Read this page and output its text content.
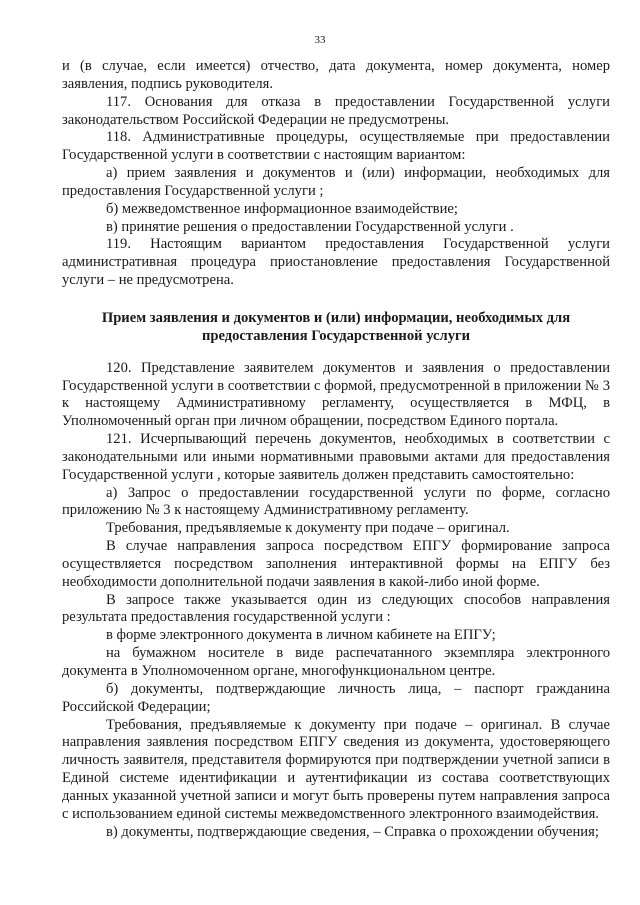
33

и (в случае, если имеется) отчество, дата документа, номер документа, номер заявления, подпись руководителя.

117. Основания для отказа в предоставлении Государственной услуги законодательством Российской Федерации не предусмотрены.

118. Административные процедуры, осуществляемые при предоставлении Государственной услуги в соответствии с настоящим вариантом:

а) прием заявления и документов и (или) информации, необходимых для предоставления Государственной услуги ;

б) межведомственное информационное взаимодействие;

в) принятие решения о предоставлении Государственной услуги .

119. Настоящим вариантом предоставления Государственной услуги административная процедура приостановление предоставления Государственной услуги – не предусмотрена.

Прием заявления и документов и (или) информации, необходимых для предоставления Государственной услуги

120. Представление заявителем документов и заявления о предоставлении Государственной услуги в соответствии с формой, предусмотренной в приложении № 3 к настоящему Административному регламенту, осуществляется в МФЦ, в Уполномоченный орган при личном обращении, посредством Единого портала.

121. Исчерпывающий перечень документов, необходимых в соответствии с законодательными или иными нормативными правовыми актами для предоставления Государственной услуги , которые заявитель должен представить самостоятельно:

а) Запрос о предоставлении государственной услуги по форме, согласно приложению № 3 к настоящему Административному регламенту.

Требования, предъявляемые к документу при подаче – оригинал.

В случае направления запроса посредством ЕПГУ формирование запроса осуществляется посредством заполнения интерактивной формы на ЕПГУ без необходимости дополнительной подачи заявления в какой-либо иной форме.

В запросе также указывается один из следующих способов направления результата предоставления государственной услуги :

в форме электронного документа в личном кабинете на ЕПГУ;

на бумажном носителе в виде распечатанного экземпляра электронного документа в Уполномоченном органе, многофункциональном центре.

б) документы, подтверждающие личность лица, – паспорт гражданина Российской Федерации;

Требования, предъявляемые к документу при подаче – оригинал. В случае направления заявления посредством ЕПГУ сведения из документа, удостоверяющего личность заявителя, представителя формируются при подтверждении учетной записи в Единой системе идентификации и аутентификации из состава соответствующих данных указанной учетной записи и могут быть проверены путем направления запроса с использованием единой системы межведомственного электронного взаимодействия.

в) документы, подтверждающие сведения, – Справка о прохождении обучения;
